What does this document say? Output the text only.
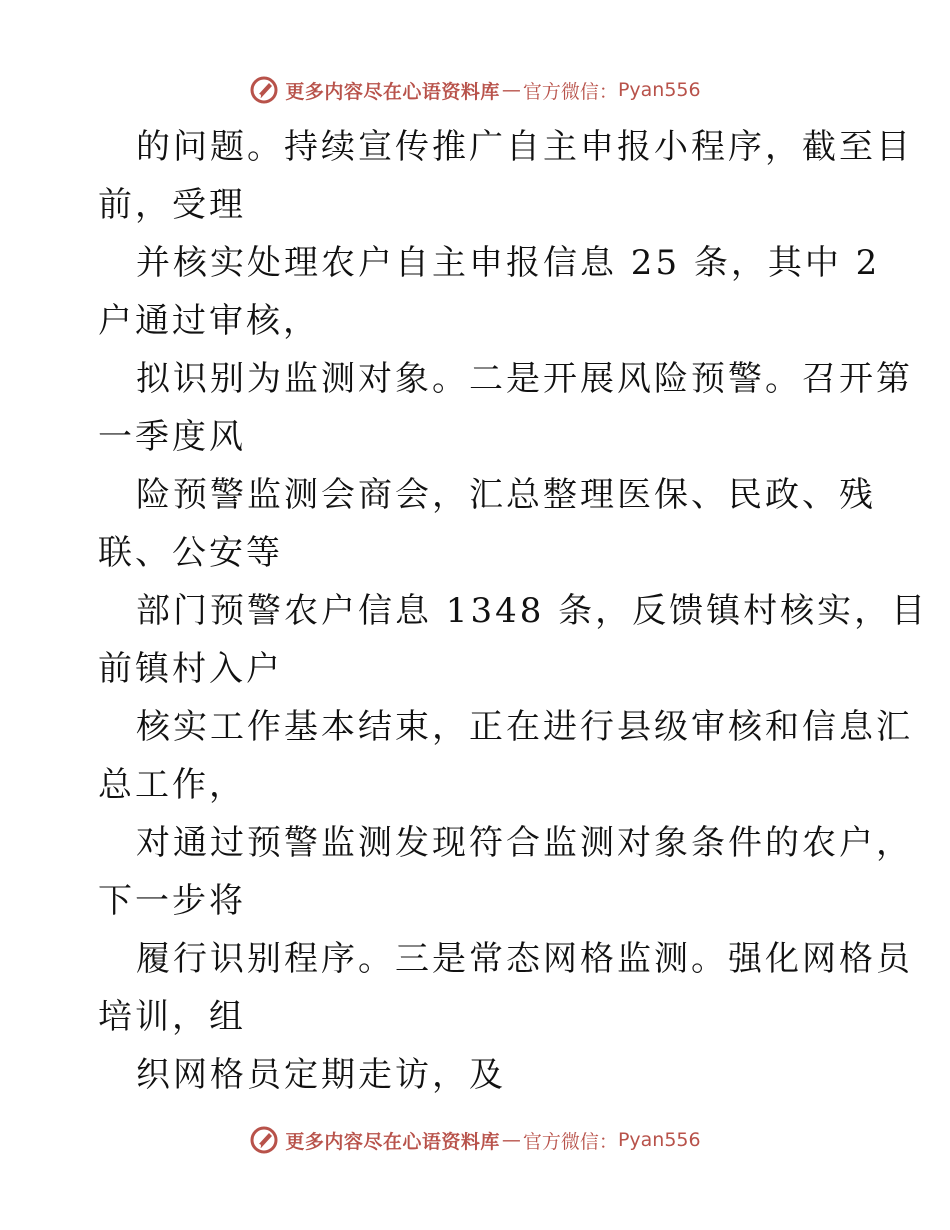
更多内容尽在心语资料库 — 官方微信： Pyan556
的问题。持续宣传推广自主申报小程序，截至目
前，受理
并核实处理农户自主申报信息 25 条，其中 2
户通过审核，
拟识别为监测对象。二是开展风险预警。召开第
一季度风
险预警监测会商会，汇总整理医保、民政、残
联、公安等
部门预警农户信息 1348 条，反馈镇村核实，目
前镇村入户
核实工作基本结束，正在进行县级审核和信息汇
总工作，
对通过预警监测发现符合监测对象条件的农户，
下一步将
履行识别程序。三是常态网格监测。强化网格员
培训，组
织网格员定期走访，及
更多内容尽在心语资料库 — 官方微信： Pyan556
